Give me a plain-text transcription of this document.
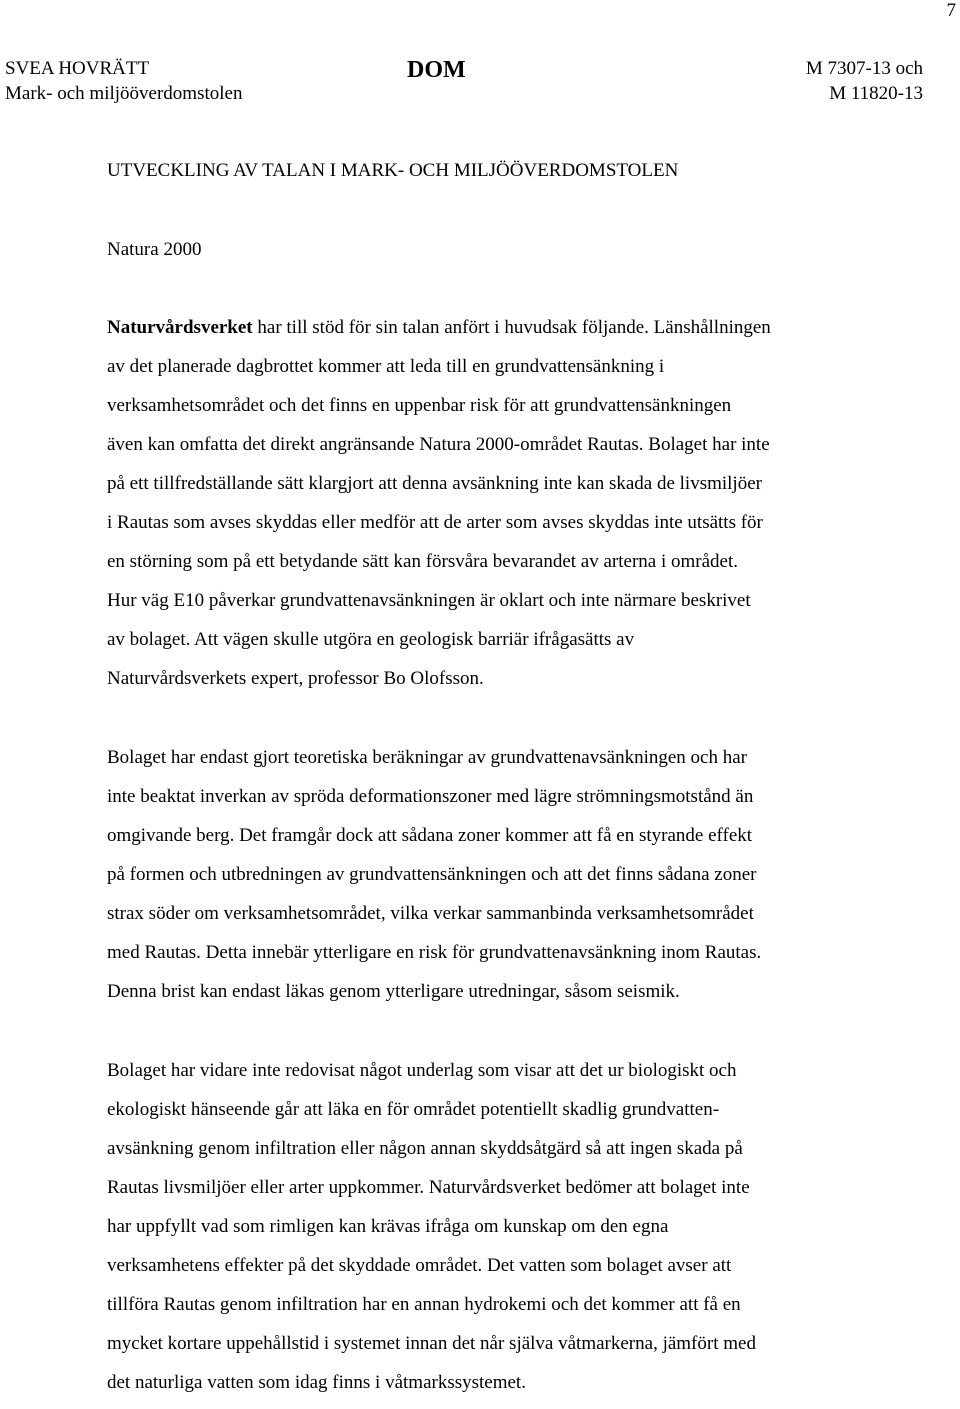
7
SVEA HOVRÄTT
Mark- och miljööverdomstolen
DOM	M 7307-13 och
M 11820-13
UTVECKLING AV TALAN I MARK- OCH MILJÖÖVERDOMSTOLEN
Natura 2000
Naturvårdsverket har till stöd för sin talan anfört i huvudsak följande. Länshållningen
av det planerade dagbrottet kommer att leda till en grundvattensänkning i
verksamhetsområdet och det finns en uppenbar risk för att grundvattensänkningen
även kan omfatta det direkt angränsande Natura 2000-området Rautas. Bolaget har inte
på ett tillfredställande sätt klargjort att denna avsänkning inte kan skada de livsmiljöer
i Rautas som avses skyddas eller medför att de arter som avses skyddas inte utsätts för
en störning som på ett betydande sätt kan försvåra bevarandet av arterna i området.
Hur väg E10 påverkar grundvattenavsänkningen är oklart och inte närmare beskrivet
av bolaget. Att vägen skulle utgöra en geologisk barriär ifrågasätts av
Naturvårdsverkets expert, professor Bo Olofsson.
Bolaget har endast gjort teoretiska beräkningar av grundvattenavsänkningen och har
inte beaktat inverkan av spröda deformationszoner med lägre strömningsmotstånd än
omgivande berg. Det framgår dock att sådana zoner kommer att få en styrande effekt
på formen och utbredningen av grundvattensänkningen och att det finns sådana zoner
strax söder om verksamhetsområdet, vilka verkar sammanbinda verksamhetsområdet
med Rautas. Detta innebär ytterligare en risk för grundvattenavsänkning inom Rautas.
Denna brist kan endast läkas genom ytterligare utredningar, såsom seismik.
Bolaget har vidare inte redovisat något underlag som visar att det ur biologiskt och
ekologiskt hänseende går att läka en för området potentiellt skadlig grundvatten-
avsänkning genom infiltration eller någon annan skyddsåtgärd så att ingen skada på
Rautas livsmiljöer eller arter uppkommer. Naturvårdsverket bedömer att bolaget inte
har uppfyllt vad som rimligen kan krävas ifråga om kunskap om den egna
verksamhetens effekter på det skyddade området. Det vatten som bolaget avser att
tillföra Rautas genom infiltration har en annan hydrokemi och det kommer att få en
mycket kortare uppehållstid i systemet innan det når själva våtmarkerna, jämfört med
det naturliga vatten som idag finns i våtmarkssystemet.
